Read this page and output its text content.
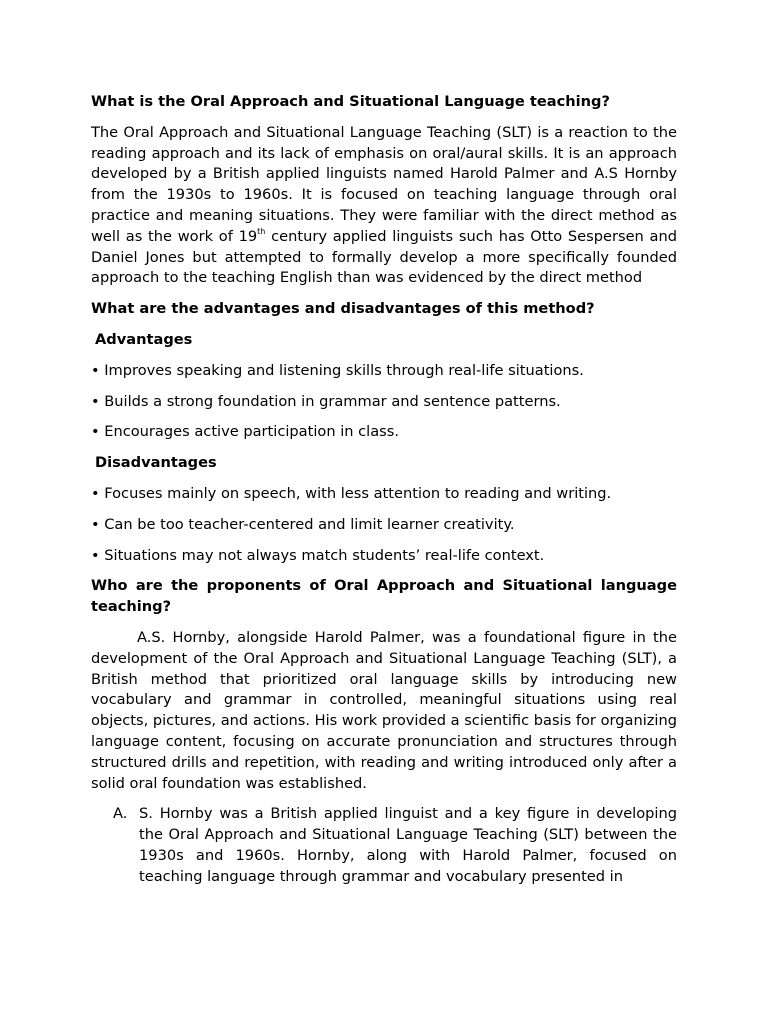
What is the Oral Approach and Situational Language teaching?
The Oral Approach and Situational Language Teaching (SLT) is a reaction to the reading approach and its lack of emphasis on oral/aural skills. It is an approach developed by a British applied linguists named Harold Palmer and A.S Hornby from the 1930s to 1960s. It is focused on teaching language through oral practice and meaning situations. They were familiar with the direct method as well as the work of 19th century applied linguists such has Otto Sespersen and Daniel Jones but attempted to formally develop a more specifically founded approach to the teaching English than was evidenced by the direct method
What are the advantages and disadvantages of this method?
Advantages
• Improves speaking and listening skills through real-life situations.
• Builds a strong foundation in grammar and sentence patterns.
• Encourages active participation in class.
Disadvantages
• Focuses mainly on speech, with less attention to reading and writing.
• Can be too teacher-centered and limit learner creativity.
• Situations may not always match students’ real-life context.
Who are the proponents of Oral Approach and Situational language teaching?
A.S. Hornby, alongside Harold Palmer, was a foundational figure in the development of the Oral Approach and Situational Language Teaching (SLT), a British method that prioritized oral language skills by introducing new vocabulary and grammar in controlled, meaningful situations using real objects, pictures, and actions. His work provided a scientific basis for organizing language content, focusing on accurate pronunciation and structures through structured drills and repetition, with reading and writing introduced only after a solid oral foundation was established.
A. S. Hornby was a British applied linguist and a key figure in developing the Oral Approach and Situational Language Teaching (SLT) between the 1930s and 1960s. Hornby, along with Harold Palmer, focused on teaching language through grammar and vocabulary presented in
